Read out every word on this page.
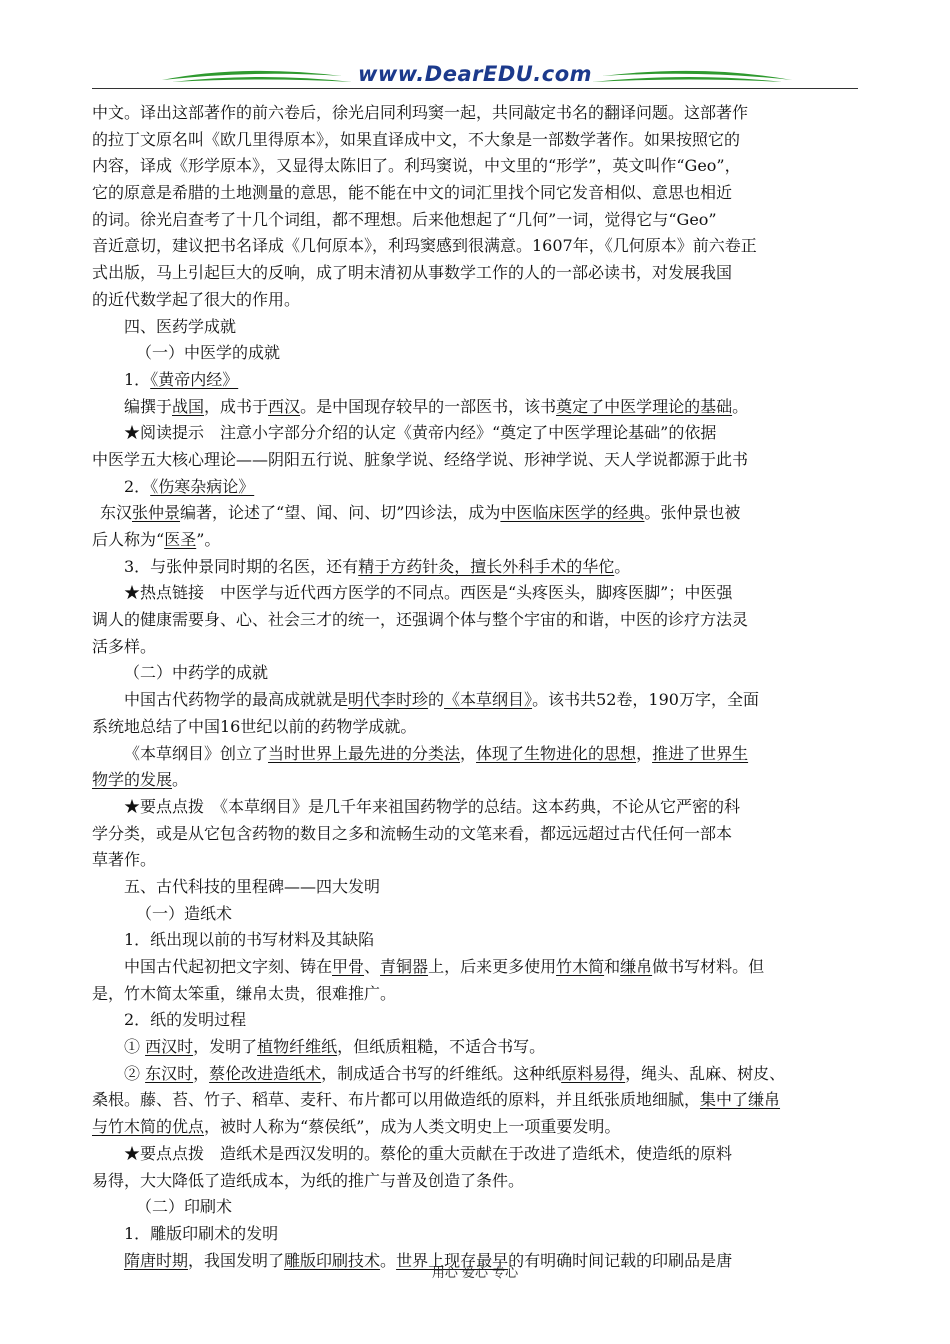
www.DearEDU.com
中文。译出这部著作的前六卷后，徐光启同利玛窦一起，共同敲定书名的翻译问题。这部著作
的拉丁文原名叫《欧几里得原本》，如果直译成中文，不大象是一部数学著作。如果按照它的
内容，译成《形学原本》，又显得太陈旧了。利玛窦说，中文里的“形学”，英文叫作“Geo”，
它的原意是希腊的土地测量的意思，能不能在中文的词汇里找个同它发音相似、意思也相近
的词。徐光启查考了十几个词组，都不理想。后来他想起了“几何”一词，觉得它与“Geo”
音近意切，建议把书名译成《几何原本》，利玛窦感到很满意。1607年，《几何原本》前六卷正
式出版，马上引起巨大的反响，成了明末清初从事数学工作的人的一部必读书，对发展我国
的近代数学起了很大的作用。
四、医药学成就
（一）中医学的成就
1．《黄帝内经》
编撰于战国，成书于西汉。是中国现存较早的一部医书，该书奠定了中医学理论的基础。
★阅读提示　注意小字部分介绍的认定《黄帝内经》“奠定了中医学理论基础”的依据
中医学五大核心理论——阴阳五行说、脏象学说、经络学说、形神学说、天人学说都源于此书
2．《伤寒杂病论》
东汉张仲景编著，论述了“望、闻、问、切”四诊法，成为中医临床医学的经典。张仲景也被
后人称为“医圣”。
3．与张仲景同时期的名医，还有精于方药针灸，擅长外科手术的华佗。
★热点链接　中医学与近代西方医学的不同点。西医是“头疼医头，脚疼医脚”；中医强
调人的健康需要身、心、社会三才的统一，还强调个体与整个宇宙的和谐，中医的诊疗方法灵
活多样。
（二）中药学的成就
中国古代药物学的最高成就就是明代李时珍的《本草纲目》。该书共52卷，190万字，全面
系统地总结了中国16世纪以前的药物学成就。
《本草纲目》创立了当时世界上最先进的分类法，体现了生物进化的思想，推进了世界生
物学的发展。
★要点点拨　《本草纲目》是几千年来祖国药物学的总结。这本药典，不论从它严密的科
学分类，或是从它包含药物的数目之多和流畅生动的文笔来看，都远远超过古代任何一部本
草著作。
五、古代科技的里程碑——四大发明
（一）造纸术
1．纸出现以前的书写材料及其缺陷
中国古代起初把文字刻、铸在甲骨、青铜器上，后来更多使用竹木简和缣帛做书写材料。但
是，竹木简太笨重，缣帛太贵，很难推广。
2．纸的发明过程
① 西汉时，发明了植物纤维纸，但纸质粗糙，不适合书写。
② 东汉时，蔡伦改进造纸术，制成适合书写的纤维纸。这种纸原料易得，绳头、乱麻、树皮、
桑根。藤、苔、竹子、稻草、麦秆、布片都可以用做造纸的原料，并且纸张质地细腻，集中了缣帛
与竹木简的优点，被时人称为“蔡侯纸”，成为人类文明史上一项重要发明。
★要点点拨　造纸术是西汉发明的。蔡伦的重大贡献在于改进了造纸术，使造纸的原料
易得，大大降低了造纸成本，为纸的推广与普及创造了条件。
（二）印刷术
1．雕版印刷术的发明
隋唐时期，我国发明了雕版印刷技术。世界上现存最早的有明确时间记载的印刷品是唐
用心 爱心 专心
